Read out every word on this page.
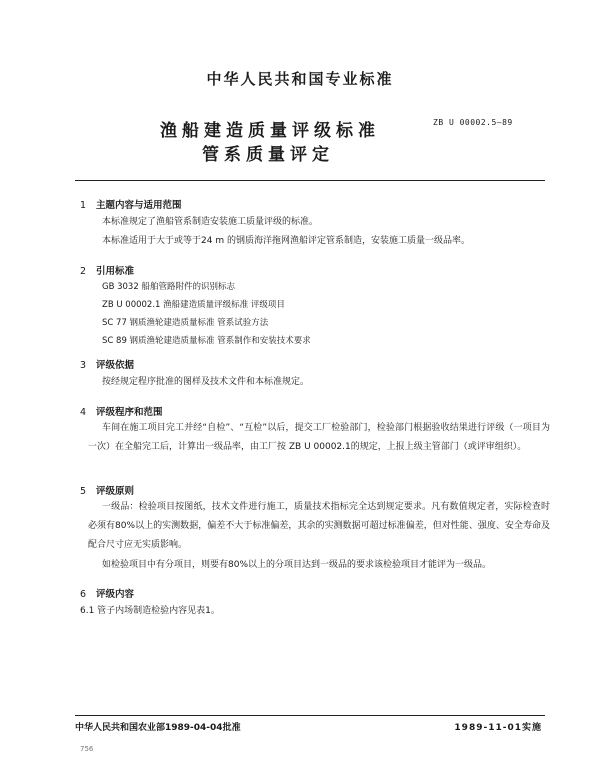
中华人民共和国专业标准
渔船建造质量评级标准
管系质量评定
ZB U 00002.5—89
1 主题内容与适用范围
本标准规定了渔船管系制造安装施工质量评级的标准。
本标准适用于大于或等于24 m 的钢质海洋拖网渔船评定管系制造，安装施工质量一级品率。
2 引用标准
GB 3032 船舶管路附件的识别标志
ZB U 00002.1 渔船建造质量评级标准 评级项目
SC 77 钢质渔轮建造质量标准 管系试验方法
SC 89 钢质渔轮建造质量标准 管系制作和安装技术要求
3 评级依据
按经规定程序批准的图样及技术文件和本标准规定。
4 评级程序和范围
车间在施工项目完工并经“自检”、“互检”以后，提交工厂检验部门，检验部门根据验收结果进行评级（一项目为一次）在全船完工后，计算出一级品率，由工厂按 ZB U 00002.1的规定，上报上级主管部门（或评审组织）。
5 评级原则
一级品：检验项目按图纸，技术文件进行施工，质量技术指标完全达到规定要求。凡有数值规定者，实际检查时必须有80%以上的实测数据，偏差不大于标准偏差，其余的实测数据可超过标准偏差，但对性能、强度、安全寿命及配合尺寸应无实质影响。
如检验项目中有分项目，则要有80%以上的分项目达到一级品的要求该检验项目才能评为一级品。
6 评级内容
6.1 管子内场制造检验内容见表1。
中华人民共和国农业部1989-04-04批准	1989-11-01实施
756
